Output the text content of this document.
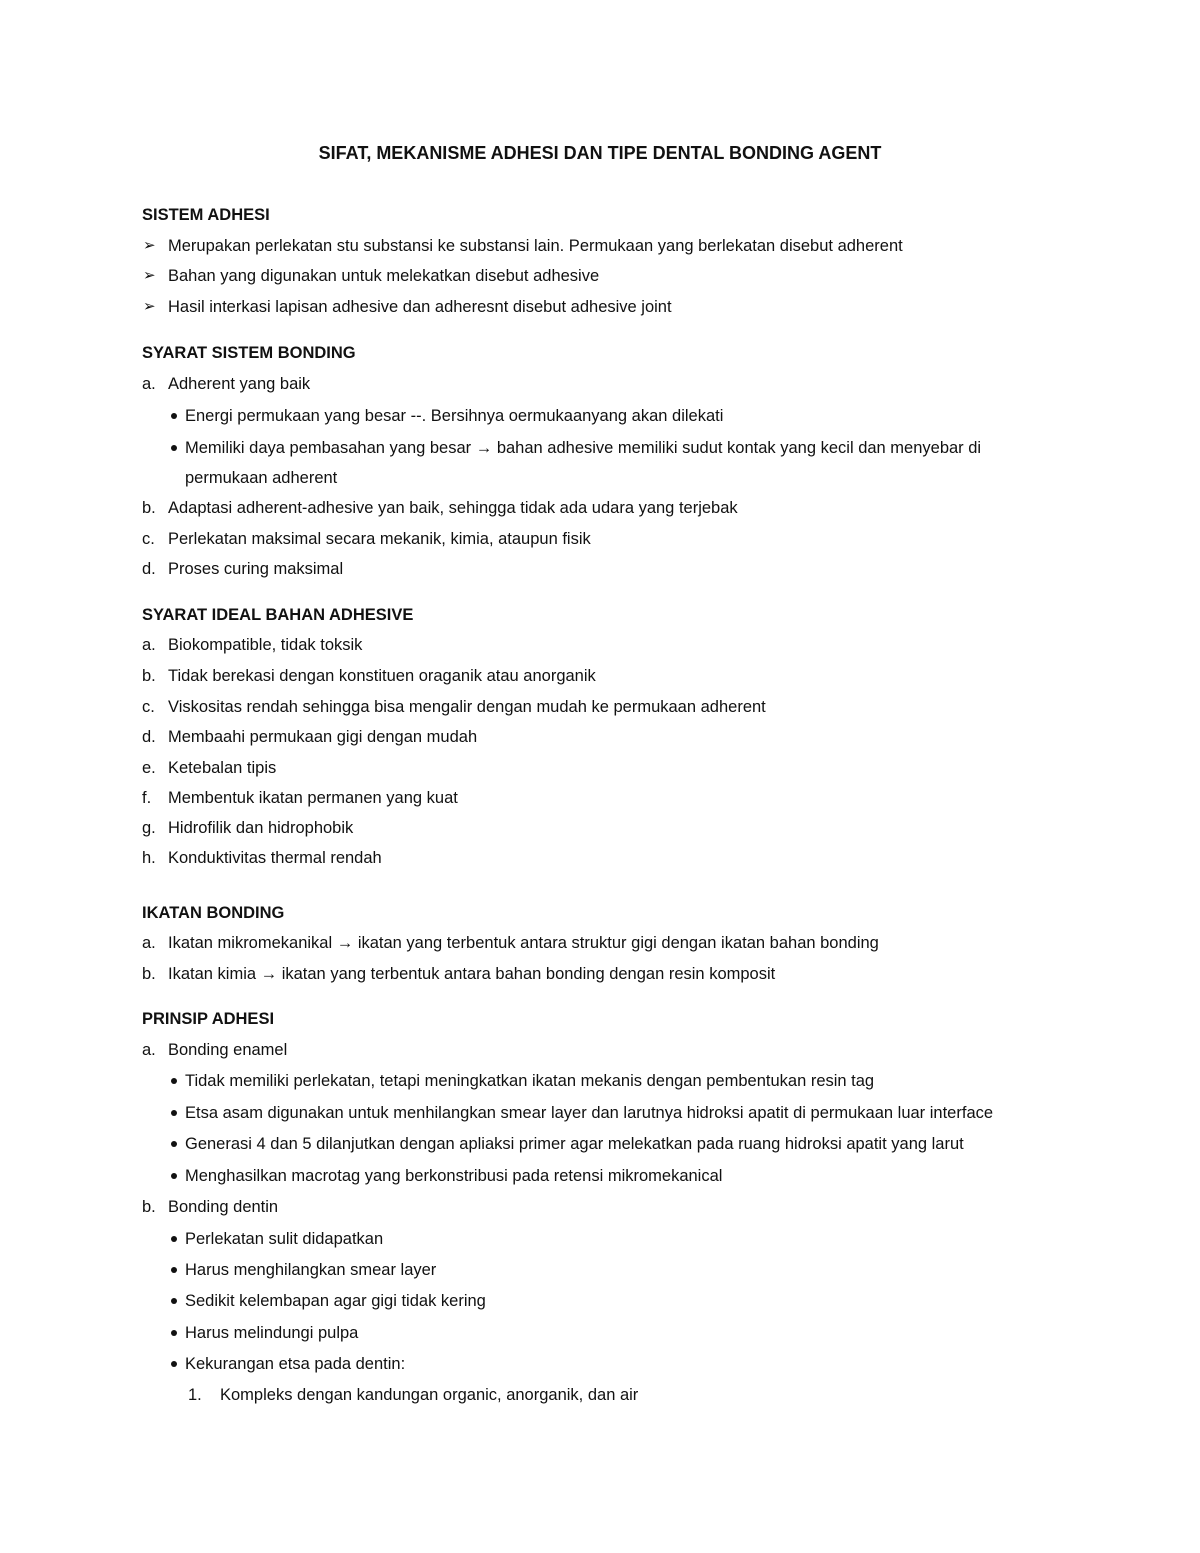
SIFAT, MEKANISME ADHESI DAN TIPE DENTAL BONDING AGENT
SISTEM ADHESI
➢ Merupakan perlekatan stu substansi ke substansi lain. Permukaan yang berlekatan disebut adherent
➢ Bahan yang digunakan untuk melekatkan disebut adhesive
➢ Hasil interkasi lapisan adhesive dan adheresnt disebut adhesive joint
SYARAT SISTEM BONDING
a. Adherent yang baik
Energi permukaan yang besar --. Bersihnya oermukaanyang akan dilekati
Memiliki daya pembasahan yang besar → bahan adhesive memiliki sudut kontak yang kecil dan menyebar di
permukaan adherent
b. Adaptasi adherent-adhesive yan baik, sehingga tidak ada udara yang terjebak
c. Perlekatan maksimal secara mekanik, kimia, ataupun fisik
d. Proses curing maksimal
SYARAT IDEAL BAHAN ADHESIVE
a. Biokompatible, tidak toksik
b. Tidak berekasi dengan konstituen oraganik atau anorganik
c. Viskositas rendah sehingga bisa mengalir dengan mudah ke permukaan adherent
d. Membaahi permukaan gigi dengan mudah
e. Ketebalan tipis
f. Membentuk ikatan permanen yang kuat
g. Hidrofilik dan hidrophobik
h. Konduktivitas thermal rendah
IKATAN BONDING
a. Ikatan mikromekanikal → ikatan yang terbentuk antara struktur gigi dengan ikatan bahan bonding
b. Ikatan kimia → ikatan yang terbentuk antara bahan bonding dengan resin komposit
PRINSIP ADHESI
a. Bonding enamel
Tidak memiliki perlekatan, tetapi meningkatkan ikatan mekanis dengan pembentukan resin tag
Etsa asam digunakan untuk menhilangkan smear layer dan larutnya hidroksi apatit di permukaan luar interface
Generasi 4 dan 5 dilanjutkan dengan apliaksi primer agar melekatkan pada ruang hidroksi apatit yang larut
Menghasilkan macrotag yang berkonstribusi pada retensi mikromekanical
b. Bonding dentin
Perlekatan sulit didapatkan
Harus menghilangkan smear layer
Sedikit kelembapan agar gigi tidak kering
Harus melindungi pulpa
Kekurangan etsa pada dentin:
1. Kompleks dengan kandungan organic, anorganik, dan air
